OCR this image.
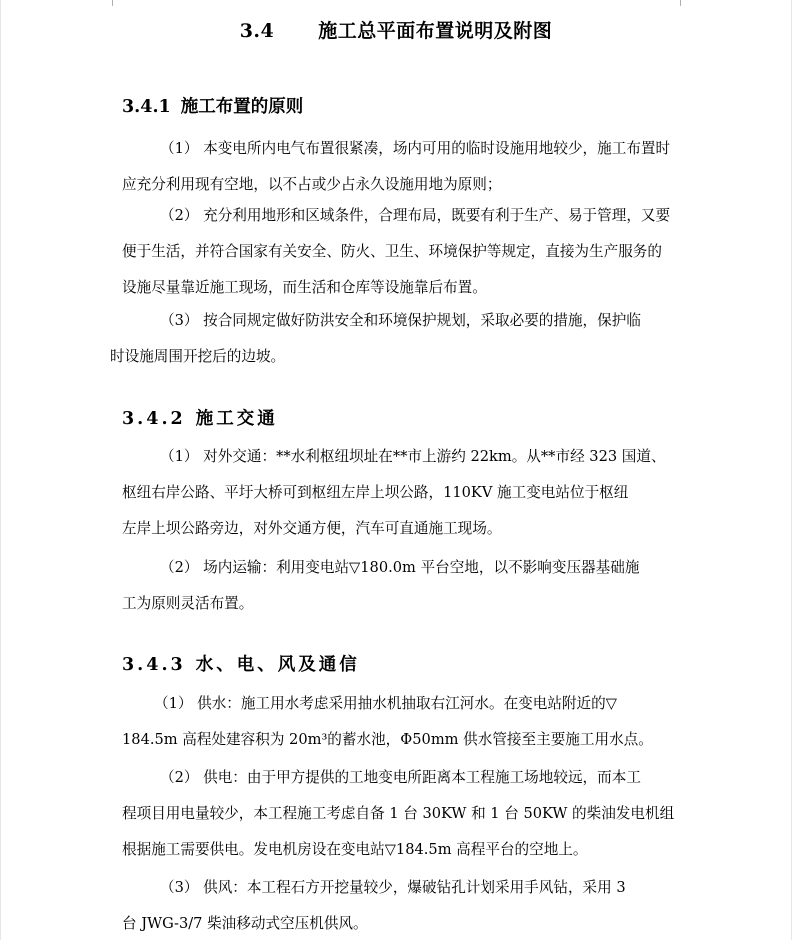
3.4 施工总平面布置说明及附图
3.4.1 施工布置的原则

（1） 本变电所内电气布置很紧凑，场内可用的临时设施用地较少，施工布置时
应充分利用现有空地，以不占或少占永久设施用地为原则；

（2） 充分利用地形和区域条件，合理布局，既要有利于生产、易于管理，又要
便于生活，并符合国家有关安全、防火、卫生、环境保护等规定，直接为生产服务的
设施尽量靠近施工现场，而生活和仓库等设施靠后布置。

（3） 按合同规定做好防洪安全和环境保护规划，采取必要的措施，保护临
时设施周围开挖后的边坡。

3.4.2 施工交通

（1） 对外交通：**水利枢纽坝址在**市上游约 22km。从**市经 323 国道、
枢纽右岸公路、平圩大桥可到枢纽左岸上坝公路，110KV 施工变电站位于枢纽
左岸上坝公路旁边，对外交通方便，汽车可直通施工现场。

（2） 场内运输：利用变电站▽180.0m 平台空地，以不影响变压器基础施
工为原则灵活布置。

3.4.3 水、电、风及通信

（1） 供水：施工用水考虑采用抽水机抽取右江河水。在变电站附近的▽
184.5m 高程处建容积为 20m³的蓄水池，Φ50mm 供水管接至主要施工用水点。

（2） 供电：由于甲方提供的工地变电所距离本工程施工场地较远，而本工
程项目用电量较少，本工程施工考虑自备 1 台 30KW 和 1 台 50KW 的柴油发电机组
根据施工需要供电。发电机房设在变电站▽184.5m 高程平台的空地上。

（3） 供风：本工程石方开挖量较少，爆破钻孔计划采用手风钻，采用 3
台 JWG-3/7 柴油移动式空压机供风。
